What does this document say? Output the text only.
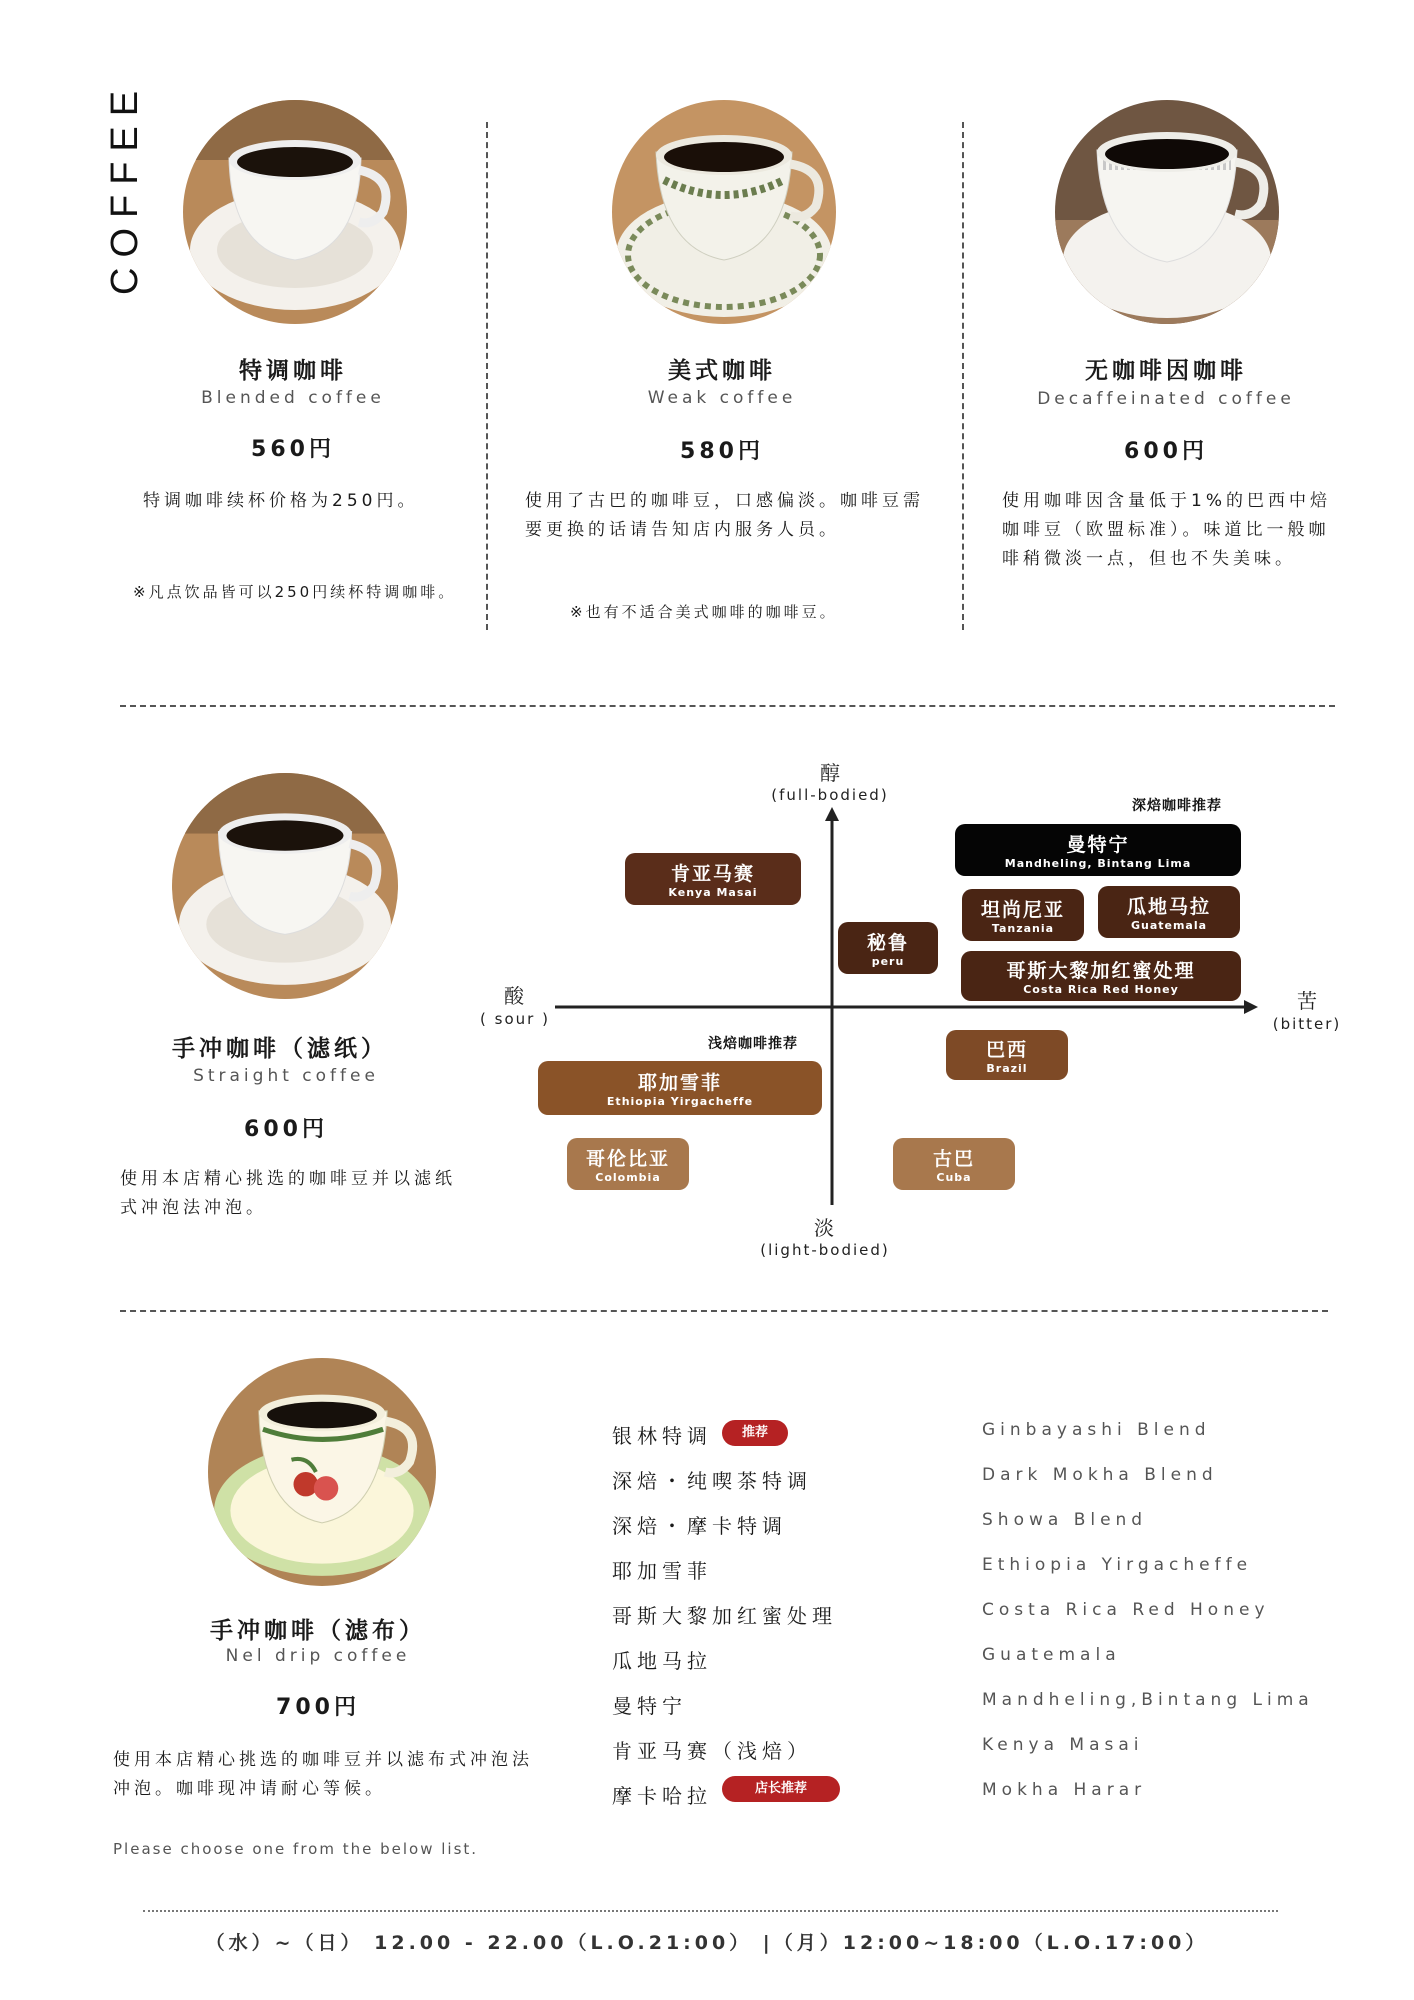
COFFEE
特调咖啡
Blended coffee
560円
特调咖啡续杯价格为250円。
※凡点饮品皆可以250円续杯特调咖啡。
美式咖啡
Weak coffee
580円
使用了古巴的咖啡豆，口感偏淡。咖啡豆需要更换的话请告知店内服务人员。
※也有不适合美式咖啡的咖啡豆。
无咖啡因咖啡
Decaffeinated coffee
600円
使用咖啡因含量低于1%的巴西中焙咖啡豆（欧盟标准）。味道比一般咖啡稍微淡一点，但也不失美味。
手冲咖啡（滤纸）
Straight coffee
600円
使用本店精心挑选的咖啡豆并以滤纸式冲泡法冲泡。
醇
(full-bodied)
淡
(light-bodied)
酸
( sour )
苦
(bitter)
深焙咖啡推荐
浅焙咖啡推荐
肯亚马赛
Kenya Masai
曼特宁
Mandheling, Bintang Lima
坦尚尼亚
Tanzania
瓜地马拉
Guatemala
秘鲁
peru	哥斯大黎加红蜜处理
Costa Rica Red Honey
巴西
Brazil
耶加雪菲
Ethiopia Yirgacheffe
哥伦比亚
Colombia
古巴
Cuba
手冲咖啡（滤布）
Nel drip coffee
700円
使用本店精心挑选的咖啡豆并以滤布式冲泡法冲泡。咖啡现冲请耐心等候。
Please choose one from the below list.
银林特调	推荐	Ginbayashi Blend
深焙・纯喫茶特调	Dark Mokha Blend
深焙・摩卡特调	Showa Blend
耶加雪菲	Ethiopia Yirgacheffe
哥斯大黎加红蜜处理	Costa Rica Red Honey
瓜地马拉	Guatemala
曼特宁	Mandheling,Bintang Lima
肯亚马赛（浅焙）	Kenya Masai
摩卡哈拉	店长推荐	Mokha Harar
（水）~（日） 12.00 - 22.00（L.O.21:00） |（月）12:00~18:00（L.O.17:00）
